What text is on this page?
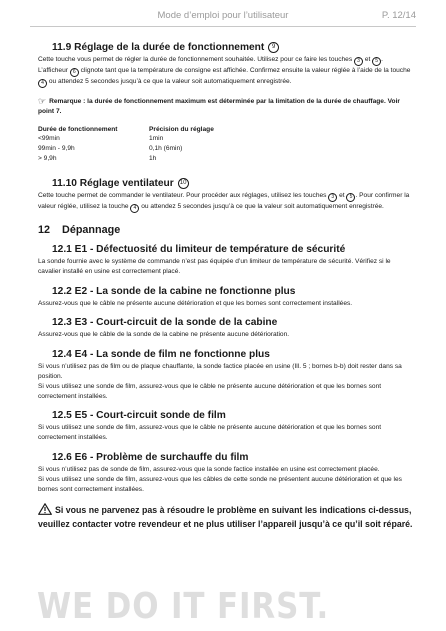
Mode d’emploi pour l’utilisateur	P. 12/14
11.9 Réglage de la durée de fonctionnement 9

Cette touche vous permet de régler la durée de fonctionnement souhaitée. Utilisez pour ce faire les touches 3 et 5 . L’afficheur 6 clignote tant que la température de consigne est affichée. Confirmez ensuite la valeur réglée à l’aide de la touche 4 ou attendez 5 secondes jusqu’à ce que la valeur soit automatiquement enregistrée.

☞ Remarque : la durée de fonctionnement maximum est déterminée par la limitation de la durée de chauffage. Voir point 7.

Durée de fonctionnement	Précision du réglage
<99min	1min
99min - 9,9h	0,1h (6min)
> 9,9h	1h
11.10 Réglage ventilateur 10

Cette touche permet de commander le ventilateur. Pour procéder aux réglages, utilisez les touches 3 et 5 . Pour confirmer la valeur réglée, utilisez la touche 4 ou attendez 5 secondes jusqu’à ce que la valeur soit automatiquement enregistrée.

12 Dépannage
12.1 E1 - Défectuosité du limiteur de température de sécurité

La sonde fournie avec le système de commande n’est pas équipée d’un limiteur de température de sécurité. Vérifiez si le cavalier installé en usine est correctement placé.

12.2 E2 - La sonde de la cabine ne fonctionne plus

Assurez-vous que le câble ne présente aucune détérioration et que les bornes sont correctement installées.

12.3 E3 - Court-circuit de la sonde de la cabine

Assurez-vous que le câble de la sonde de la cabine ne présente aucune détérioration.

12.4 E4 - La sonde de film ne fonctionne plus

Si vous n’utilisez pas de film ou de plaque chauffante, la sonde factice placée en usine (Ill. 5 ; bornes b-b) doit rester dans sa position.

Si vous utilisez une sonde de film, assurez-vous que le câble ne présente aucune détérioration et que les bornes sont correctement installées.

12.5 E5 - Court-circuit sonde de film

Si vous utilisez une sonde de film, assurez-vous que le câble ne présente aucune détérioration et que les bornes sont correctement installées.

12.6 E6 - Problème de surchauffe du film

Si vous n’utilisez pas de sonde de film, assurez-vous que la sonde factice installée en usine est correctement placée.

Si vous utilisez une sonde de film, assurez-vous que les câbles de cette sonde ne présentent aucune détérioration et que les bornes sont correctement installées.

Si vous ne parvenez pas à résoudre le problème en suivant les indications ci-dessus, veuillez contacter votre revendeur et ne plus utiliser l’appareil jusqu’à ce qu’il soit réparé.

WE DO IT FIRST.
